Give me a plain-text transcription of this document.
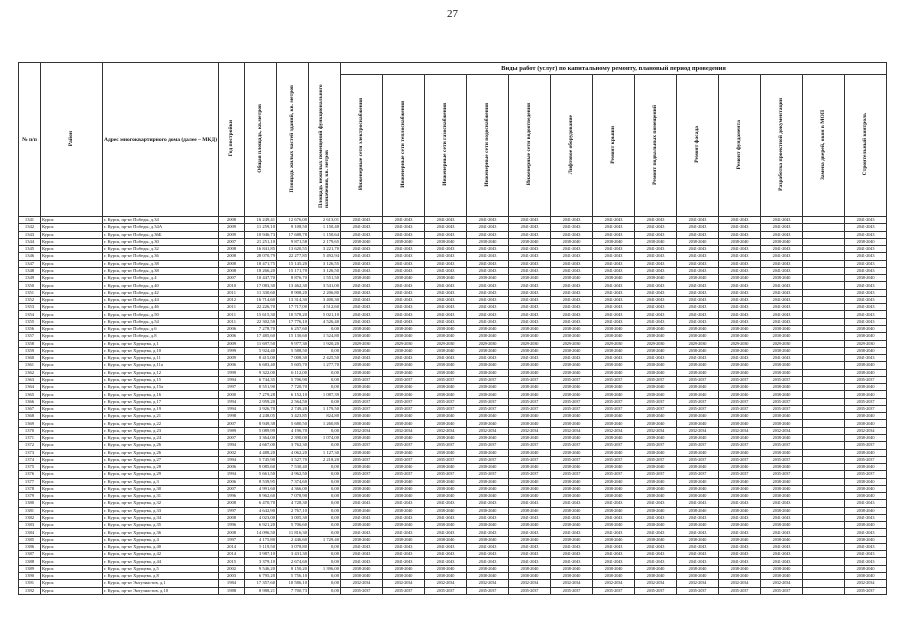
27
№ п/п	Район	Адрес многоквартирного дома (далее – МКД)	Год постройки	Общая площадь, кв.метров	Площадь жилых частей зданий, кв. метров	Площадь нежилых помещений функционального назначения, кв. метров	Виды работ (услуг) по капитальному ремонту, плановый период проведения												
							Инженерные сети электроснабжения	Инженерные сети теплоснабжения	Инженерные сети газоснабжения	Инженерные сети водоснабжения	Инженерные сети водоотведения	Лифтовое оборудование	Ремонт крыши	Ремонт подвальных помещений	Ремонт фасада	Ремонт фундамента	Разработка проектной документации	Замена дверей, окон в МОП	Строительный контроль
1341	Курск	г. Курск, пр-кт Победы, д.34	2008	16 249,41	12 676,00	2 613,01	2041-2043	2041-2043	2041-2043	2041-2043	2041-2043	2041-2043	2041-2043	2041-2043	2041-2043	2041-2043	2041-2043		2041-2043
1342	Курск	г. Курск, пр-кт Победы, д.34А	2009	11 259,10	9 108,50	1 150,40	2041-2043	2041-2043	2041-2043	2041-2043	2041-2043	2041-2043	2041-2043	2041-2043	2041-2043	2041-2043	2041-2043		2041-2043
1343	Курск	г. Курск, пр-кт Победы, д.36Б	2009	10 946,73	17 688,78	1 150,64	2041-2043	2041-2043	2041-2043	2041-2043	2041-2043	2041-2043	2041-2043	2041-2043	2041-2043	2041-2043	2041-2043		2041-2043
1344	Курск	г. Курск, пр-кт Победы, д.30	2007	21 251,10	9 871,58	2 179,65	2038-2040	2038-2040	2038-2040	2038-2040	2038-2040	2038-2040	2038-2040	2038-2040	2038-2040	2038-2040	2038-2040		2038-2040
1345	Курск	г. Курск, пр-кт Победы, д.32	2008	16 841,85	13 620,55	3 221,70	2041-2043	2041-2043	2041-2043	2041-2043	2041-2043	2041-2043	2041-2043	2041-2043	2041-2043	2041-2043	2041-2043		2041-2043
1346	Курск	г. Курск, пр-кт Победы, д.36	2008	28 070,79	22 277,85	5 492,94	2041-2043	2041-2043	2041-2043	2041-2043	2041-2043	2041-2043	2041-2043	2041-2043	2041-2043	2041-2043	2041-2043		2041-2043
1347	Курск	г. Курск, пр-кт Победы, д.38	2008	18 471,75	15 145,20	3 126,55	2041-2043	2041-2043	2041-2043	2041-2043	2041-2043	2041-2043	2041-2043	2041-2043	2041-2043	2041-2043	2041-2043		2041-2043
1348	Курск	г. Курск, пр-кт Победы, д.38	2008	18 266,20	15 171,70	3 126,50	2041-2043	2041-2043	2041-2043	2041-2043	2041-2043	2041-2043	2041-2043	2041-2043	2041-2043	2041-2043	2041-2043		2041-2043
1349	Курск	г. Курск, пр-кт Победы, д.4	2007	10 447,70	8 876,70	1 551,50	2038-2040	2038-2040	2038-2040	2038-2040	2038-2040	2038-2040	2038-2040	2038-2040	2038-2040	2038-2040	2038-2040		2038-2040
1350	Курск	г. Курск, пр-кт Победы, д.40	2010	17 083,30	13 462,30	3 541,00	2041-2043	2041-2043	2041-2043	2041-2043	2041-2043	2041-2043	2041-2043	2041-2043	2041-2043	2041-2043	2041-2043		2041-2043
1351	Курск	г. Курск, пр-кт Победы, д.42	2011	11 330,60	8 908,20	2 206,80	2041-2043	2041-2043	2041-2043	2041-2043	2041-2043	2041-2043	2041-2043	2041-2043	2041-2043	2041-2043	2041-2043		2041-2043
1352	Курск	г. Курск, пр-кт Победы, д.44	2012	16 714,60	13 314,30	3 400,30	2041-2043	2041-2043	2041-2043	2041-2043	2041-2043	2041-2043	2041-2043	2041-2043	2041-2043	2041-2043	2041-2043		2041-2043
1353	Курск	г. Курск, пр-кт Победы, д.46	2011	22 226,70	17 717,00	4 512,60	2041-2043	2041-2043	2041-2043	2041-2043	2041-2043	2041-2043	2041-2043	2041-2043	2041-2043	2041-2043	2041-2043		2041-2043
1354	Курск	г. Курск, пр-кт Победы, д.50	2011	15 615,30	10 578,20	5 021,10	2041-2043	2041-2043	2041-2043	2041-2043	2041-2043	2041-2043	2041-2043	2041-2043	2041-2043	2041-2043	2041-2043		2041-2043
1355	Курск	г. Курск, пр-кт Победы, д.54	2011	22 302,50	17 776,10	4 526,40	2041-2043	2041-2043	2041-2043	2041-2043	2041-2043	2041-2043	2041-2043	2041-2043	2041-2043	2041-2043	2041-2043		2041-2043
1356	Курск	г. Курск, пр-кт Победы, д.6	2006	7 278,70	6 257,60	0,00	2038-2040	2038-2040	2038-2040	2038-2040	2038-2040	2038-2040	2038-2040	2038-2040	2038-2040	2038-2040	2038-2040		2038-2040
1357	Курск	г. Курск, пр-кт Победы, д.8	2006	17 485,60	15 130,60	1 524,80	2038-2040	2038-2040	2038-2040	2038-2040	2038-2040	2038-2040	2038-2040	2038-2040	2038-2040	2038-2040	2038-2040		2038-2040
1358	Курск	г. Курск, пр-кт Хрущева, д.1	2009	11 697,50	9 977,30	1 920,20	2029-2030	2029-2030	2029-2030	2029-2030	2029-2030	2029-2030	2029-2030	2029-2030	2029-2030	2029-2030	2029-2030		2029-2030
1359	Курск	г. Курск, пр-кт Хрущева, д.10	1999	5 924,40	5 588,50	0,00	2038-2040	2038-2040	2038-2040	2038-2040	2038-2040	2038-2040	2038-2040	2038-2040	2038-2040	2038-2040	2038-2040		2038-2040
1360	Курск	г. Курск, пр-кт Хрущева, д.11	2009	8 415,00	7 008,30	2 425,50	2041-2043	2041-2043	2041-2043	2041-2043	2041-2043	2041-2043	2041-2043	2041-2043	2041-2043	2041-2043	2041-2043		2041-2043
1361	Курск	г. Курск, пр-кт Хрущева, д.11а	2006	6 683,40	5 605,70	1 277,70	2038-2040	2038-2040	2038-2040	2038-2040	2038-2040	2038-2040	2038-2040	2038-2040	2038-2040	2038-2040	2038-2040		2038-2040
1362	Курск	г. Курск, пр-кт Хрущева, д.12	1999	9 322,00	6 112,00	0,00	2038-2040	2038-2040	2038-2040	2038-2040	2038-2040	2038-2040	2038-2040	2038-2040	2038-2040	2038-2040	2038-2040		2038-2040
1363	Курск	г. Курск, пр-кт Хрущева, д.15	1994	6 744,35	5 706,90	0,00	2035-2037	2035-2037	2035-2037	2035-2037	2035-2037	2035-2037	2035-2037	2035-2037	2035-2037	2035-2037	2035-2037		2035-2037
1364	Курск	г. Курск, пр-кт Хрущева, д.15а	1997	8 551,90	7 720,70	0,00	2038-2040	2038-2040	2038-2040	2038-2040	2038-2040	2038-2040	2038-2040	2038-2040	2038-2040	2038-2040	2038-2040		2038-2040
1365	Курск	г. Курск, пр-кт Хрущева, д.16	2000	7 279,28	6 152,10	1 087,39	2038-2040	2038-2040	2038-2040	2038-2040	2038-2040	2038-2040	2038-2040	2038-2040	2038-2040	2038-2040	2038-2040		2038-2040
1366	Курск	г. Курск, пр-кт Хрущева, д.17	1994	2 959,20	2 564,50	0,00	2035-2037	2035-2037	2035-2037	2035-2037	2035-2037	2035-2037	2035-2037	2035-2037	2035-2037	2035-2037	2035-2037		2035-2037
1367	Курск	г. Курск, пр-кт Хрущева, д.19	1994	3 926,70	2 749,20	1 179,50	2035-2037	2035-2037	2035-2037	2035-2037	2035-2037	2035-2037	2035-2037	2035-2037	2035-2037	2035-2037	2035-2037		2035-2037
1368	Курск	г. Курск, пр-кт Хрущева, д.21	1998	4 248,05	3 423,85	824,80	2038-2040	2038-2040	2038-2040	2038-2040	2038-2040	2038-2040	2038-2040	2038-2040	2038-2040	2038-2040	2038-2040		2038-2040
1369	Курск	г. Курск, пр-кт Хрущева, д.22	2007	8 949,38	5 680,50	1 260,80	2038-2040	2038-2040	2038-2040	2038-2040	2038-2040	2038-2040	2038-2040	2038-2040	2038-2040	2038-2040	2038-2040		2038-2040
1370	Курск	г. Курск, пр-кт Хрущева, д.23	1989	5 089,99	4 196,70	0,00	2032-2034	2032-2034	2032-2034	2032-2034	2032-2034	2032-2034	2032-2034	2032-2034	2032-2034	2032-2034	2032-2034		2032-2034
1371	Курск	г. Курск, пр-кт Хрущева, д.24	2007	3 364,00	2 390,00	1 074,00	2038-2040	2038-2040	2038-2040	2038-2040	2038-2040	2038-2040	2038-2040	2038-2040	2038-2040	2038-2040	2038-2040		2038-2040
1372	Курск	г. Курск, пр-кт Хрущева, д.26	1994	4 667,00	3 762,30	0,00	2035-2037	2035-2037	2035-2037	2035-2037	2035-2037	2035-2037	2035-2037	2035-2037	2035-2037	2035-2037	2035-2037		2035-2037
1373	Курск	г. Курск, пр-кт Хрущева, д.26	2002	4 488,20	4 062,20	1 127,30	2038-2040	2038-2040	2038-2040	2038-2040	2038-2040	2038-2040	2038-2040	2038-2040	2038-2040	2038-2040	2038-2040		2038-2040
1374	Курск	г. Курск, пр-кт Хрущева, д.27	1994	5 745,90	3 527,70	2 218,20	2035-2037	2035-2037	2035-2037	2035-2037	2035-2037	2035-2037	2035-2037	2035-2037	2035-2037	2035-2037	2035-2037		2035-2037
1375	Курск	г. Курск, пр-кт Хрущева, д.28	2006	9 085,60	7 530,40	0,00	2038-2040	2038-2040	2038-2040	2038-2040	2038-2040	2038-2040	2038-2040	2038-2040	2038-2040	2038-2040	2038-2040		2038-2040
1376	Курск	г. Курск, пр-кт Хрущева, д.29	1994	5 661,50	4 962,50	0,00	2035-2037	2035-2037	2035-2037	2035-2037	2035-2037	2035-2037	2035-2037	2035-2037	2035-2037	2035-2037	2035-2037		2035-2037
1377	Курск	г. Курск, пр-кт Хрущева, д.3	2006	8 539,95	7 374,60	0,00	2038-2040	2038-2040	2038-2040	2038-2040	2038-2040	2038-2040	2038-2040	2038-2040	2038-2040	2038-2040	2038-2040		2038-2040
1378	Курск	г. Курск, пр-кт Хрущева, д.30	2007	4 991,60	4 366,00	0,00	2038-2040	2038-2040	2038-2040	2038-2040	2038-2040	2038-2040	2038-2040	2038-2040	2038-2040	2038-2040	2038-2040		2038-2040
1379	Курск	г. Курск, пр-кт Хрущева, д.31	1996	8 962,60	7 078,90	0,00	2038-2040	2038-2040	2038-2040	2038-2040	2038-2040	2038-2040	2038-2040	2038-2040	2038-2040	2038-2040	2038-2040		2038-2040
1380	Курск	г. Курск, пр-кт Хрущева, д.32	2008	6 470,70	4 728,30	0,00	2041-2043	2041-2043	2041-2043	2041-2043	2041-2043	2041-2043	2041-2043	2041-2043	2041-2043	2041-2043	2041-2043		2041-2043
1381	Курск	г. Курск, пр-кт Хрущева, д.33	1997	4 642,90	2 767,10	0,00	2038-2040	2038-2040	2038-2040	2038-2040	2038-2040	2038-2040	2038-2040	2038-2040	2038-2040	2038-2040	2038-2040		2038-2040
1382	Курск	г. Курск, пр-кт Хрущева, д.34	2008	4 023,00	3 005,30	0,00	2041-2043	2041-2043	2041-2043	2041-2043	2041-2043	2041-2043	2041-2043	2041-2043	2041-2043	2041-2043	2041-2043		2041-2043
1383	Курск	г. Курск, пр-кт Хрущева, д.35	1996	6 921,20	5 706,60	0,00	2038-2040	2038-2040	2038-2040	2038-2040	2038-2040	2038-2040	2038-2040	2038-2040	2038-2040	2038-2040	2038-2040		2038-2040
1384	Курск	г. Курск, пр-кт Хрущева, д.36	2008	14 096,50	11 816,30	0,00	2041-2043	2041-2043	2041-2043	2041-2043	2041-2043	2041-2043	2041-2043	2041-2043	2041-2043	2041-2043	2041-2043		2041-2043
1385	Курск	г. Курск, пр-кт Хрущева, д.4	1997	4 175,80	2 446,60	1 729,40	2038-2040	2038-2040	2038-2040	2038-2040	2038-2040	2038-2040	2038-2040	2038-2040	2038-2040	2038-2040	2038-2040		2038-2040
1386	Курск	г. Курск, пр-кт Хрущева, д.40	2014	5 119,50	3 078,80	0,00	2041-2043	2041-2043	2041-2043	2041-2043	2041-2043	2041-2043	2041-2043	2041-2043	2041-2043	2041-2043	2041-2043		2041-2043
1387	Курск	г. Курск, пр-кт Хрущева, д.42	2014	3 987,10	3 431,30	0,00	2041-2043	2041-2043	2041-2043	2041-2043	2041-2043	2041-2043	2041-2043	2041-2043	2041-2043	2041-2043	2041-2043		2041-2043
1388	Курск	г. Курск, пр-кт Хрущева, д.44	2015	3 379,10	2 674,60	0,00	2041-2043	2041-2043	2041-2043	2041-2043	2041-2043	2041-2043	2041-2043	2041-2043	2041-2043	2041-2043	2041-2043		2041-2043
1389	Курск	г. Курск, пр-кт Хрущева, д.5	2002	9 546,20	8 150,20	1 396,00	2038-2040	2038-2040	2038-2040	2038-2040	2038-2040	2038-2040	2038-2040	2038-2040	2038-2040	2038-2040	2038-2040		2038-2040
1390	Курск	г. Курск, пр-кт Хрущева, д.8	2003	6 795,20	5 756,10	0,00	2038-2040	2038-2040	2038-2040	2038-2040	2038-2040	2038-2040	2038-2040	2038-2040	2038-2040	2038-2040	2038-2040		2038-2040
1391	Курск	г. Курск, пр-кт Энтузиастов, д.1	1984	17 357,60	10 586,10	0,00	2032-2034	2032-2034	2032-2034	2032-2034	2032-2034	2032-2034	2032-2034	2032-2034	2032-2034	2032-2034	2032-2034		2032-2034
1392	Курск	г. Курск, пр-кт Энтузиастов, д.10	1988	8 988,21	7 700,73	0,00	2035-2037	2035-2037	2035-2037	2035-2037	2035-2037	2035-2037	2035-2037	2035-2037	2035-2037	2035-2037	2035-2037		2035-2037
